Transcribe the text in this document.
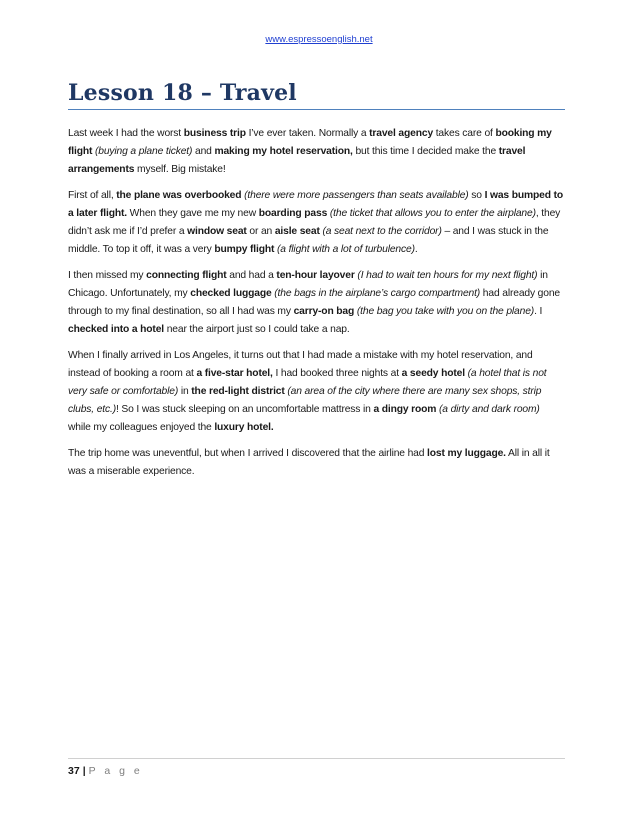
www.espressoenglish.net
Lesson 18 – Travel

Last week I had the worst business trip I’ve ever taken. Normally a travel agency takes care of booking my flight (buying a plane ticket) and making my hotel reservation, but this time I decided make the travel arrangements myself. Big mistake!

First of all, the plane was overbooked (there were more passengers than seats available) so I was bumped to a later flight. When they gave me my new boarding pass (the ticket that allows you to enter the airplane), they didn’t ask me if I’d prefer a window seat or an aisle seat (a seat next to the corridor) – and I was stuck in the middle. To top it off, it was a very bumpy flight (a flight with a lot of turbulence).

I then missed my connecting flight and had a ten-hour layover (I had to wait ten hours for my next flight) in Chicago. Unfortunately, my checked luggage (the bags in the airplane’s cargo compartment) had already gone through to my final destination, so all I had was my carry-on bag (the bag you take with you on the plane). I checked into a hotel near the airport just so I could take a nap.

When I finally arrived in Los Angeles, it turns out that I had made a mistake with my hotel reservation, and instead of booking a room at a five-star hotel, I had booked three nights at a seedy hotel (a hotel that is not very safe or comfortable) in the red-light district (an area of the city where there are many sex shops, strip clubs, etc.)! So I was stuck sleeping on an uncomfortable mattress in a dingy room (a dirty and dark room) while my colleagues enjoyed the luxury hotel.

The trip home was uneventful, but when I arrived I discovered that the airline had lost my luggage. All in all it was a miserable experience.

37 | P a g e
